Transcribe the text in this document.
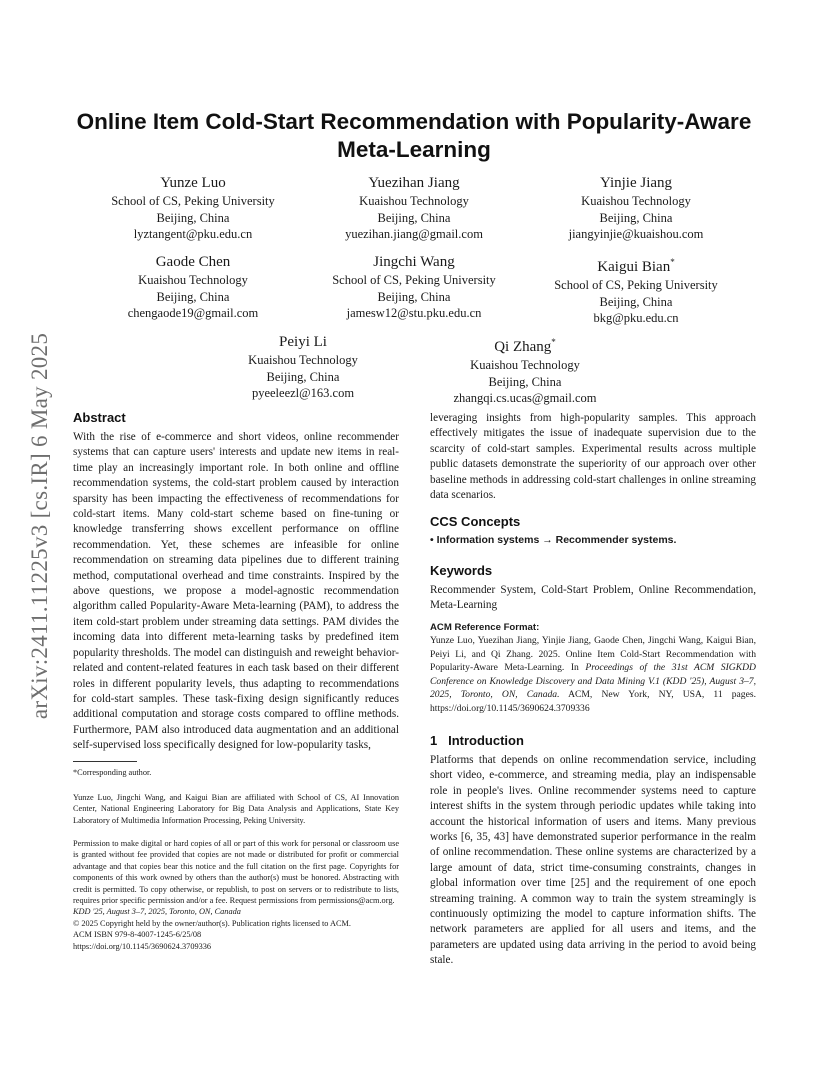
arXiv:2411.11225v3 [cs.IR] 6 May 2025
Online Item Cold-Start Recommendation with Popularity-Aware Meta-Learning
Yunze Luo
School of CS, Peking University
Beijing, China
lyztangent@pku.edu.cn
Yuezihan Jiang
Kuaishou Technology
Beijing, China
yuezihan.jiang@gmail.com
Yinjie Jiang
Kuaishou Technology
Beijing, China
jiangyinjie@kuaishou.com
Gaode Chen
Kuaishou Technology
Beijing, China
chengaode19@gmail.com
Jingchi Wang
School of CS, Peking University
Beijing, China
jamesw12@stu.pku.edu.cn
Kaigui Bian*
School of CS, Peking University
Beijing, China
bkg@pku.edu.cn
Peiyi Li
Kuaishou Technology
Beijing, China
pyeeleezl@163.com
Qi Zhang*
Kuaishou Technology
Beijing, China
zhangqi.cs.ucas@gmail.com
Abstract
With the rise of e-commerce and short videos, online recommender systems that can capture users' interests and update new items in real-time play an increasingly important role. In both online and offline recommendation systems, the cold-start problem caused by interaction sparsity has been impacting the effectiveness of recommendations for cold-start items. Many cold-start scheme based on fine-tuning or knowledge transferring shows excellent performance on offline recommendation. Yet, these schemes are infeasible for online recommendation on streaming data pipelines due to different training method, computational overhead and time constraints. Inspired by the above questions, we propose a model-agnostic recommendation algorithm called Popularity-Aware Meta-learning (PAM), to address the item cold-start problem under streaming data settings. PAM divides the incoming data into different meta-learning tasks by predefined item popularity thresholds. The model can distinguish and reweight behavior-related and content-related features in each task based on their different roles in different popularity levels, thus adapting to recommendations for cold-start samples. These task-fixing design significantly reduces additional computation and storage costs compared to offline methods. Furthermore, PAM also introduced data augmentation and an additional self-supervised loss specifically designed for low-popularity tasks,
*Corresponding author.
Yunze Luo, Jingchi Wang, and Kaigui Bian are affiliated with School of CS, AI Innovation Center, National Engineering Laboratory for Big Data Analysis and Applications, State Key Laboratory of Multimedia Information Processing, Peking University.
Permission to make digital or hard copies of all or part of this work for personal or classroom use is granted without fee provided that copies are not made or distributed for profit or commercial advantage and that copies bear this notice and the full citation on the first page. Copyrights for components of this work owned by others than the author(s) must be honored. Abstracting with credit is permitted. To copy otherwise, or republish, to post on servers or to redistribute to lists, requires prior specific permission and/or a fee. Request permissions from permissions@acm.org.
KDD '25, August 3–7, 2025, Toronto, ON, Canada
© 2025 Copyright held by the owner/author(s). Publication rights licensed to ACM.
ACM ISBN 979-8-4007-1245-6/25/08
https://doi.org/10.1145/3690624.3709336
leveraging insights from high-popularity samples. This approach effectively mitigates the issue of inadequate supervision due to the scarcity of cold-start samples. Experimental results across multiple public datasets demonstrate the superiority of our approach over other baseline methods in addressing cold-start challenges in online streaming data scenarios.
CCS Concepts
• Information systems → Recommender systems.
Keywords
Recommender System, Cold-Start Problem, Online Recommendation, Meta-Learning
ACM Reference Format:
Yunze Luo, Yuezihan Jiang, Yinjie Jiang, Gaode Chen, Jingchi Wang, Kaigui Bian, Peiyi Li, and Qi Zhang. 2025. Online Item Cold-Start Recommendation with Popularity-Aware Meta-Learning. In Proceedings of the 31st ACM SIGKDD Conference on Knowledge Discovery and Data Mining V.1 (KDD '25), August 3–7, 2025, Toronto, ON, Canada. ACM, New York, NY, USA, 11 pages. https://doi.org/10.1145/3690624.3709336
1 Introduction
Platforms that depends on online recommendation service, including short video, e-commerce, and streaming media, play an indispensable role in people's lives. Online recommender systems need to capture interest shifts in the system through periodic updates while taking into account the historical information of users and items. Many previous works [6, 35, 43] have demonstrated superior performance in the realm of online recommendation. These online systems are characterized by a large amount of data, strict time-consuming constraints, changes in global information over time [25] and the requirement of one epoch streaming training. A common way to train the system streamingly is continuously optimizing the model to capture information shifts. The network parameters are applied for all users and items, and the parameters are updated using data arriving in the period to avoid being stale.
